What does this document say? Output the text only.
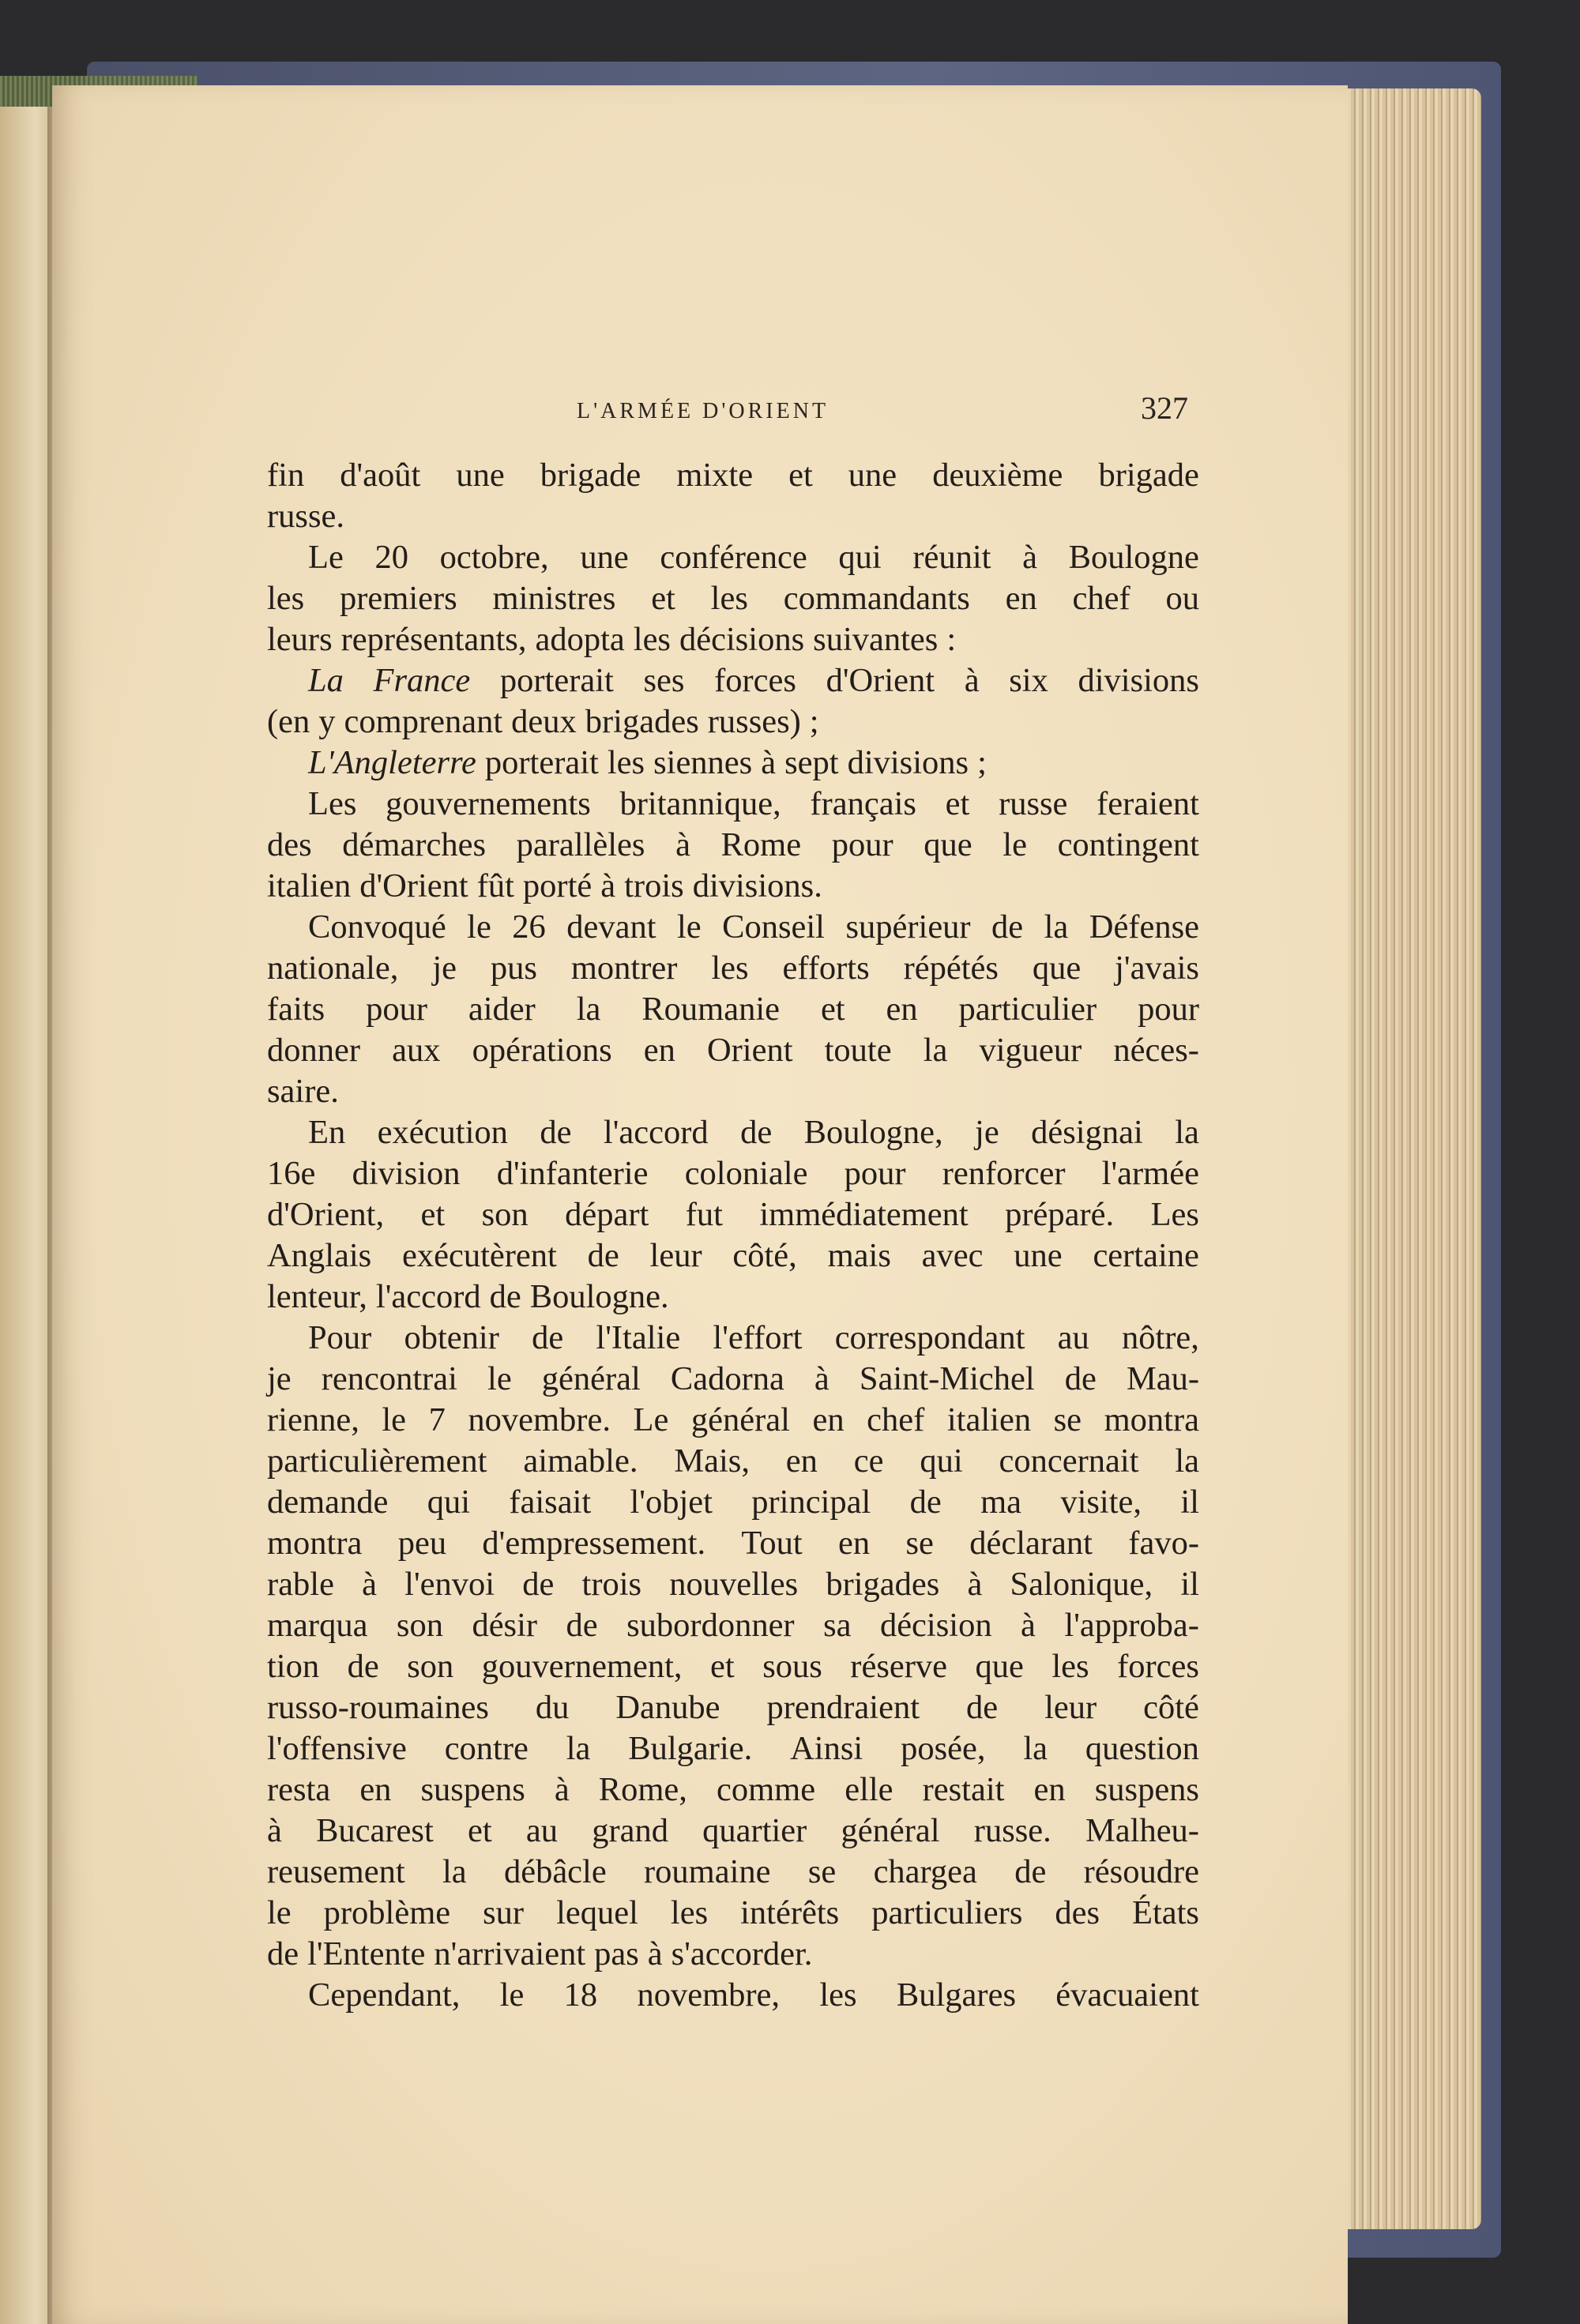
L'ARMÉE D'ORIENT	327
fin d'août une brigade mixte et une deuxième brigade
russe.
Le 20 octobre, une conférence qui réunit à Boulogne
les premiers ministres et les commandants en chef ou
leurs représentants, adopta les décisions suivantes :
La France porterait ses forces d'Orient à six divisions
(en y comprenant deux brigades russes) ;
L'Angleterre porterait les siennes à sept divisions ;
Les gouvernements britannique, français et russe feraient
des démarches parallèles à Rome pour que le contingent
italien d'Orient fût porté à trois divisions.
Convoqué le 26 devant le Conseil supérieur de la Défense
nationale, je pus montrer les efforts répétés que j'avais
faits pour aider la Roumanie et en particulier pour
donner aux opérations en Orient toute la vigueur néces-
saire.
En exécution de l'accord de Boulogne, je désignai la
16e division d'infanterie coloniale pour renforcer l'armée
d'Orient, et son départ fut immédiatement préparé. Les
Anglais exécutèrent de leur côté, mais avec une certaine
lenteur, l'accord de Boulogne.
Pour obtenir de l'Italie l'effort correspondant au nôtre,
je rencontrai le général Cadorna à Saint-Michel de Mau-
rienne, le 7 novembre. Le général en chef italien se montra
particulièrement aimable. Mais, en ce qui concernait la
demande qui faisait l'objet principal de ma visite, il
montra peu d'empressement. Tout en se déclarant favo-
rable à l'envoi de trois nouvelles brigades à Salonique, il
marqua son désir de subordonner sa décision à l'approba-
tion de son gouvernement, et sous réserve que les forces
russo-roumaines du Danube prendraient de leur côté
l'offensive contre la Bulgarie. Ainsi posée, la question
resta en suspens à Rome, comme elle restait en suspens
à Bucarest et au grand quartier général russe. Malheu-
reusement la débâcle roumaine se chargea de résoudre
le problème sur lequel les intérêts particuliers des États
de l'Entente n'arrivaient pas à s'accorder.
Cependant, le 18 novembre, les Bulgares évacuaient
